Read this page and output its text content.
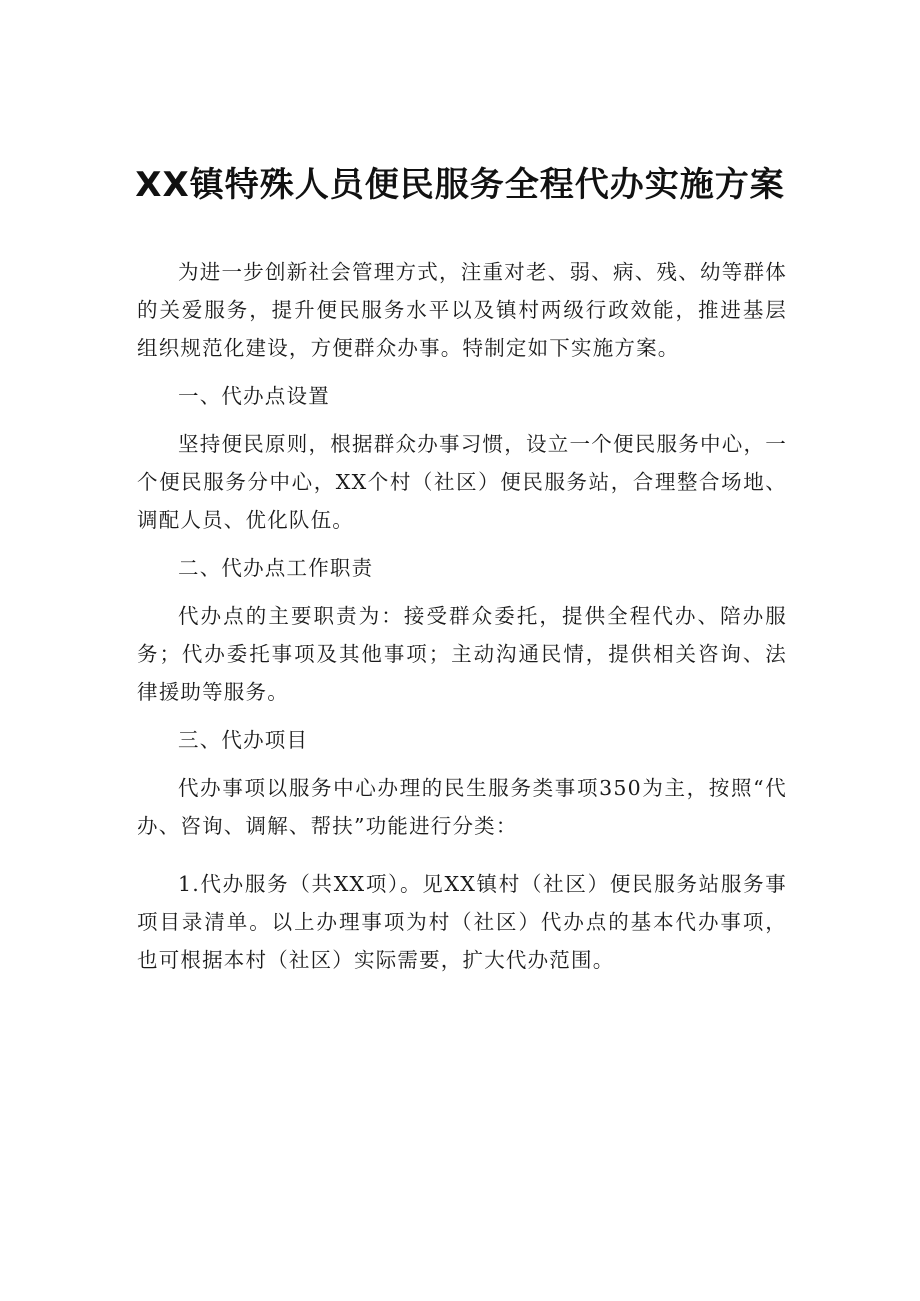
XX镇特殊人员便民服务全程代办实施方案

为进一步创新社会管理方式，注重对老、弱、病、残、幼等群体的关爱服务，提升便民服务水平以及镇村两级行政效能，推进基层组织规范化建设，方便群众办事。特制定如下实施方案。

一、代办点设置

坚持便民原则，根据群众办事习惯，设立一个便民服务中心，一个便民服务分中心，XX个村（社区）便民服务站，合理整合场地、调配人员、优化队伍。

二、代办点工作职责

代办点的主要职责为：接受群众委托，提供全程代办、陪办服务；代办委托事项及其他事项；主动沟通民情，提供相关咨询、法律援助等服务。

三、代办项目

代办事项以服务中心办理的民生服务类事项350为主，按照“代办、咨询、调解、帮扶”功能进行分类：

1.代办服务（共XX项）。见XX镇村（社区）便民服务站服务事项目录清单。以上办理事项为村（社区）代办点的基本代办事项，也可根据本村（社区）实际需要，扩大代办范围。
